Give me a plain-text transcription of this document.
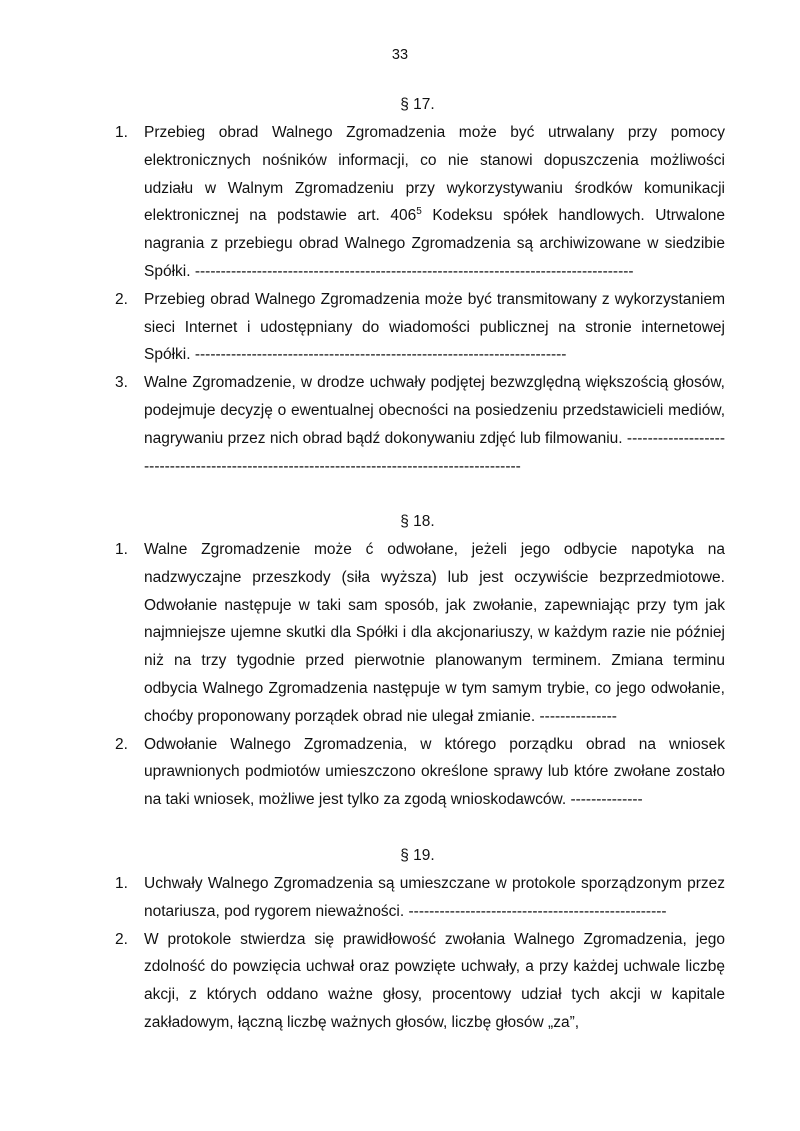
33
§ 17.
1. Przebieg obrad Walnego Zgromadzenia może być utrwalany przy pomocy elektronicznych nośników informacji, co nie stanowi dopuszczenia możliwości udziału w Walnym Zgromadzeniu przy wykorzystywaniu środków komunikacji elektronicznej na podstawie art. $406^5$ Kodeksu spółek handlowych. Utrwalone nagrania z przebiegu obrad Walnego Zgromadzenia są archiwizowane w siedzibie Spółki. -------------------------------------------------------------------------------------
2. Przebieg obrad Walnego Zgromadzenia może być transmitowany z wykorzystaniem sieci Internet i udostępniany do wiadomości publicznej na stronie internetowej Spółki. ------------------------------------------------------------------------
3. Walne Zgromadzenie, w drodze uchwały podjętej bezwzględną większością głosów, podejmuje decyzję o ewentualnej obecności na posiedzeniu przedstawicieli mediów, nagrywaniu przez nich obrad bądź dokonywaniu zdjęć lub filmowaniu. --------------------------------------------------------------------------------------------
§ 18.
1. Walne Zgromadzenie może ć odwołane, jeżeli jego odbycie napotyka na nadzwyczajne przeszkody (siła wyższa) lub jest oczywiście bezprzedmiotowe. Odwołanie następuje w taki sam sposób, jak zwołanie, zapewniając przy tym jak najmniejsze ujemne skutki dla Spółki i dla akcjonariuszy, w każdym razie nie później niż na trzy tygodnie przed pierwotnie planowanym terminem. Zmiana terminu odbycia Walnego Zgromadzenia następuje w tym samym trybie, co jego odwołanie, choćby proponowany porządek obrad nie ulegał zmianie. ---------------
2. Odwołanie Walnego Zgromadzenia, w którego porządku obrad na wniosek uprawnionych podmiotów umieszczono określone sprawy lub które zwołane zostało na taki wniosek, możliwe jest tylko za zgodą wnioskodawców. --------------
§ 19.
1. Uchwały Walnego Zgromadzenia są umieszczane w protokole sporządzonym przez notariusza, pod rygorem nieważności. --------------------------------------------------
2. W protokole stwierdza się prawidłowość zwołania Walnego Zgromadzenia, jego zdolność do powzięcia uchwał oraz powzięte uchwały, a przy każdej uchwale liczbę akcji, z których oddano ważne głosy, procentowy udział tych akcji w kapitale zakładowym, łączną liczbę ważnych głosów, liczbę głosów „za”,
